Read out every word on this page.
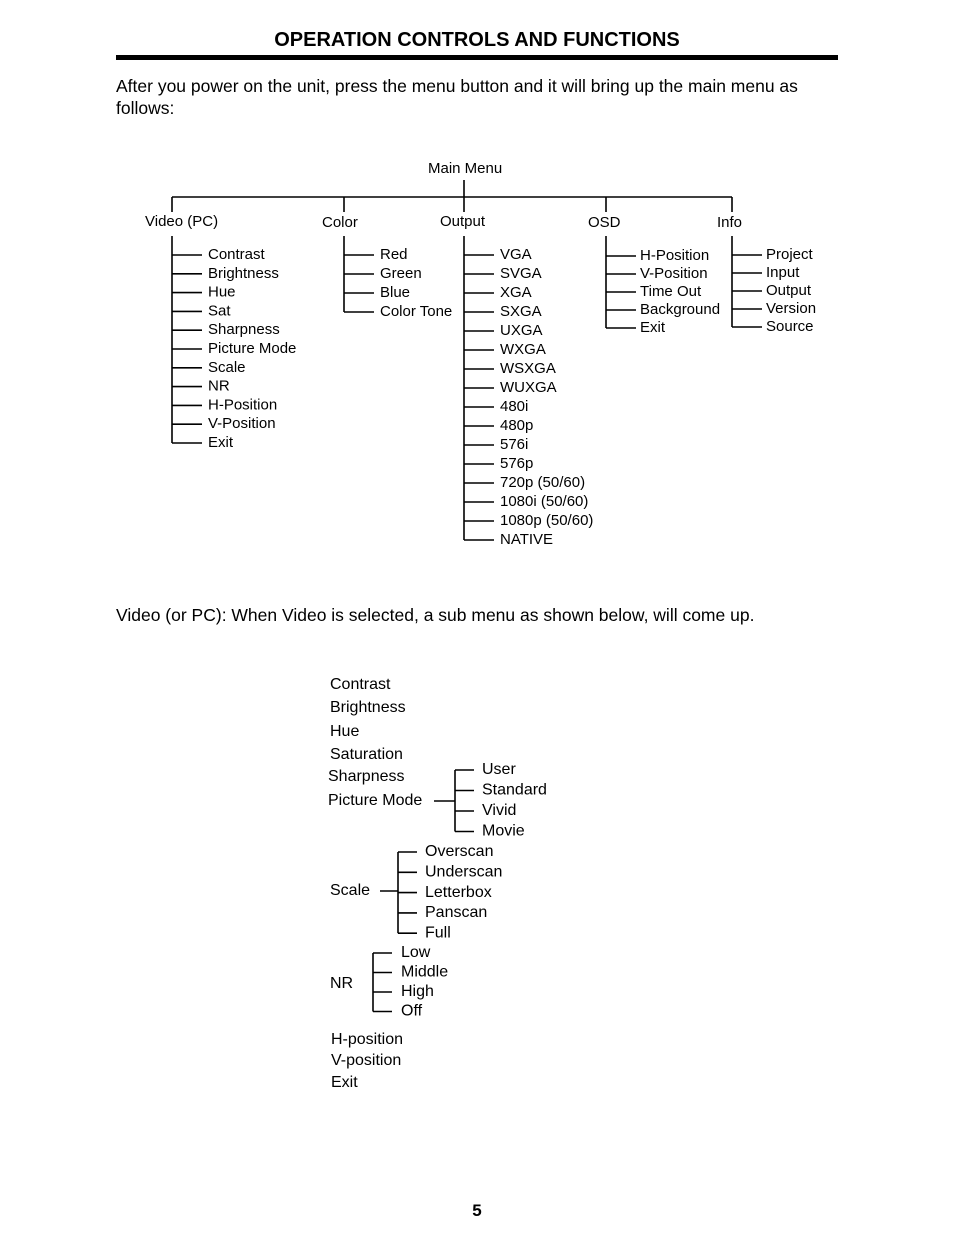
OPERATION CONTROLS AND FUNCTIONS
After you power on the unit, press the menu button and it will bring up the main menu as follows:
Main Menu
Video (PC)
Contrast
Brightness
Hue
Sat
Sharpness
Picture Mode
Scale
NR
H-Position
V-Position
Exit
Color
Red
Green
Blue
Color Tone
Output
VGA
SVGA
XGA
SXGA
UXGA
WXGA
WSXGA
WUXGA
480i
480p
576i
576p
720p (50/60)
1080i (50/60)
1080p (50/60)
NATIVE
OSD
H-Position
V-Position
Time Out
Background
Exit
Info
Project
Input
Output
Version
Source
Video (or PC): When Video is selected, a sub menu as shown below, will come up.
Contrast
Brightness
Hue
Saturation
Sharpness
Picture Mode
User
Standard
Vivid
Movie
Scale
Overscan
Underscan
Letterbox
Panscan
Full
NR
Low
Middle
High
Off
H-position
V-position
Exit
5
